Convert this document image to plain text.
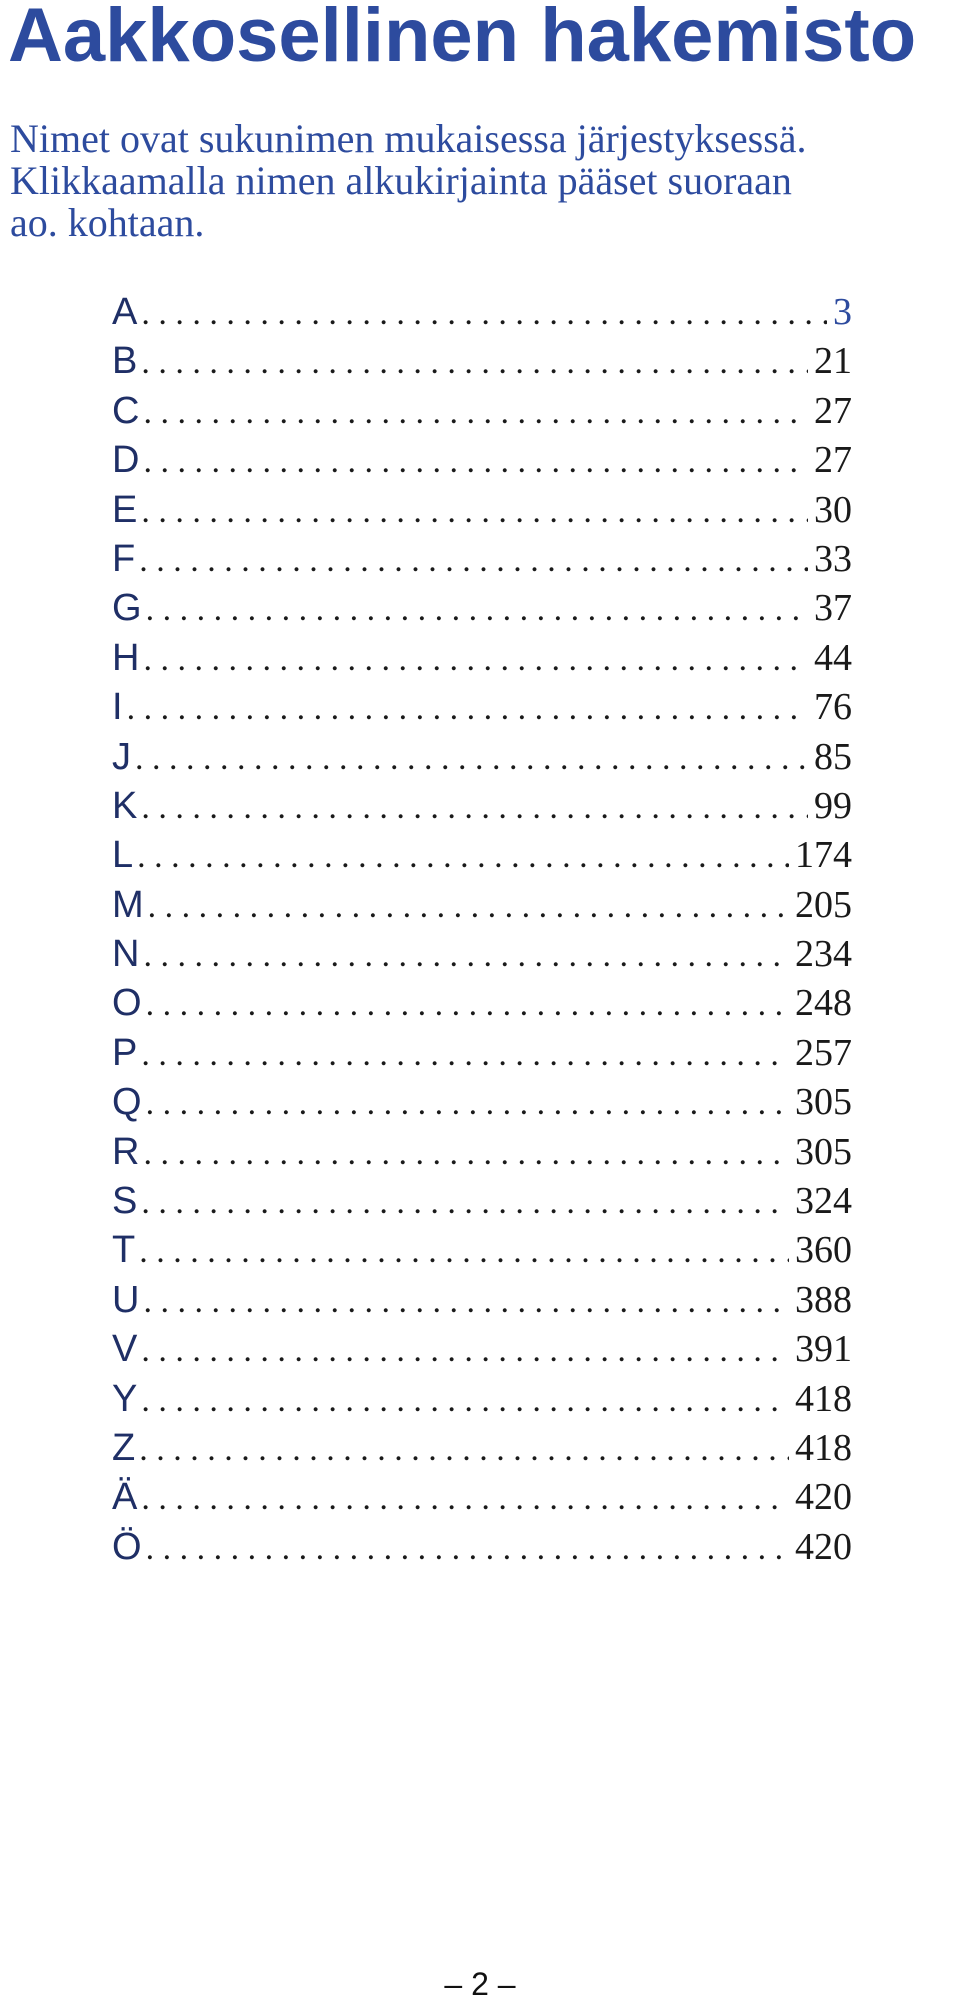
Aakkosellinen hakemisto

Nimet ovat sukunimen mukaisessa järjestyksessä.
Klikkaamalla nimen alkukirjainta pääset suoraan
ao. kohtaan.

A . . .	3
B . . .	21
C . . .	27
D . . .	27
E . . .	30
F . . .	33
G . . .	37
H . . .	44
I . . .	76
J . . .	85
K . . .	99
L . . .	174
M . . .	205
N . . .	234
O . . .	248
P . . .	257
Q . . .	305
R . . .	305
S . . .	324
T . . .	360
U . . .	388
V . . .	391
Y . . .	418
Z . . .	418
Ä . . .	420
Ö . . .	420
– 2 –
